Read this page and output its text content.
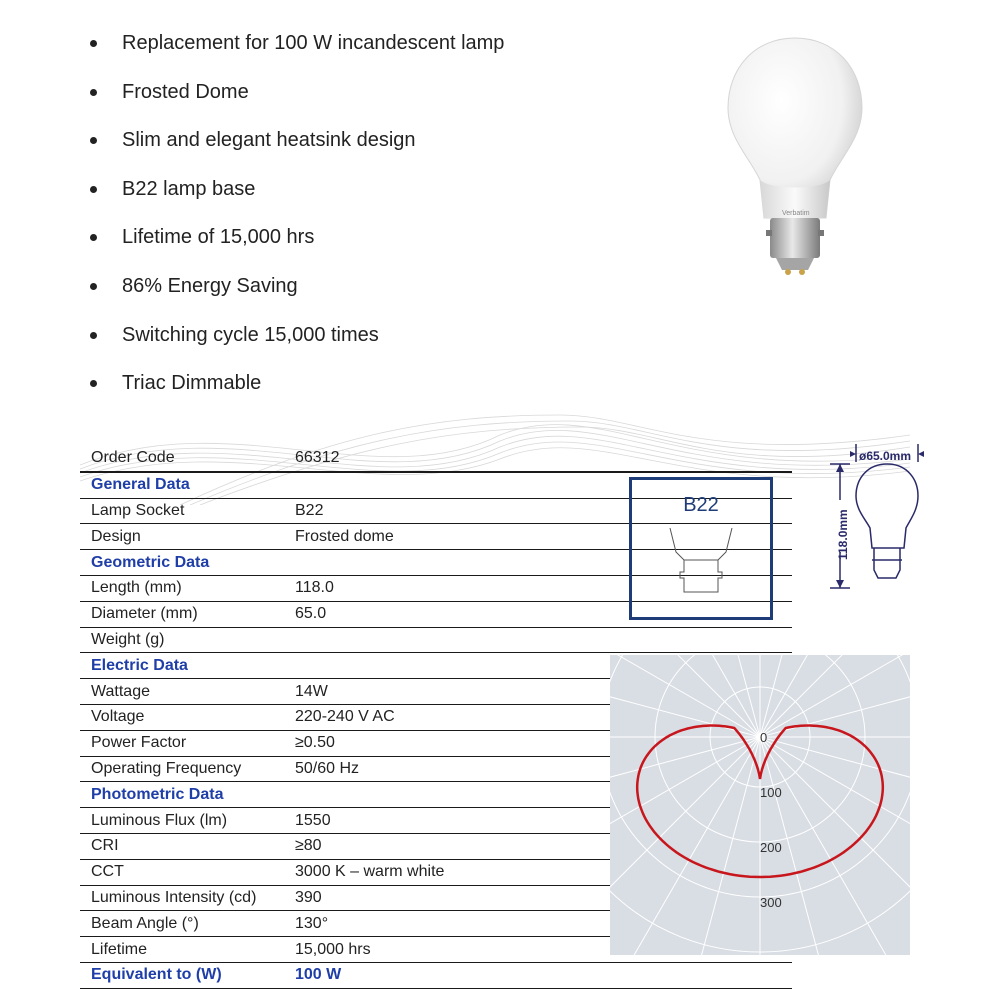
Replacement for 100 W incandescent lamp
Frosted Dome
Slim and elegant heatsink design
B22 lamp base
Lifetime of 15,000 hrs
86% Energy Saving
Switching cycle 15,000 times
Triac Dimmable
Verbatim
Order Code	66312
General Data	
Lamp Socket	B22
Design	Frosted dome
Geometric Data	
Length (mm)	118.0
Diameter (mm)	65.0
Weight (g)	
Electric Data	
Wattage	14W
Voltage	220-240 V AC
Power Factor	≥0.50
Operating Frequency	50/60 Hz
Photometric Data	
Luminous Flux (lm)	1550
CRI	≥80
CCT	3000 K – warm white
Luminous Intensity (cd)	390
Beam Angle (°)	130°
Lifetime	15,000 hrs
Equivalent to (W)	100 W
B22
ø65.0mm
118.0mm
0
100
200
300
